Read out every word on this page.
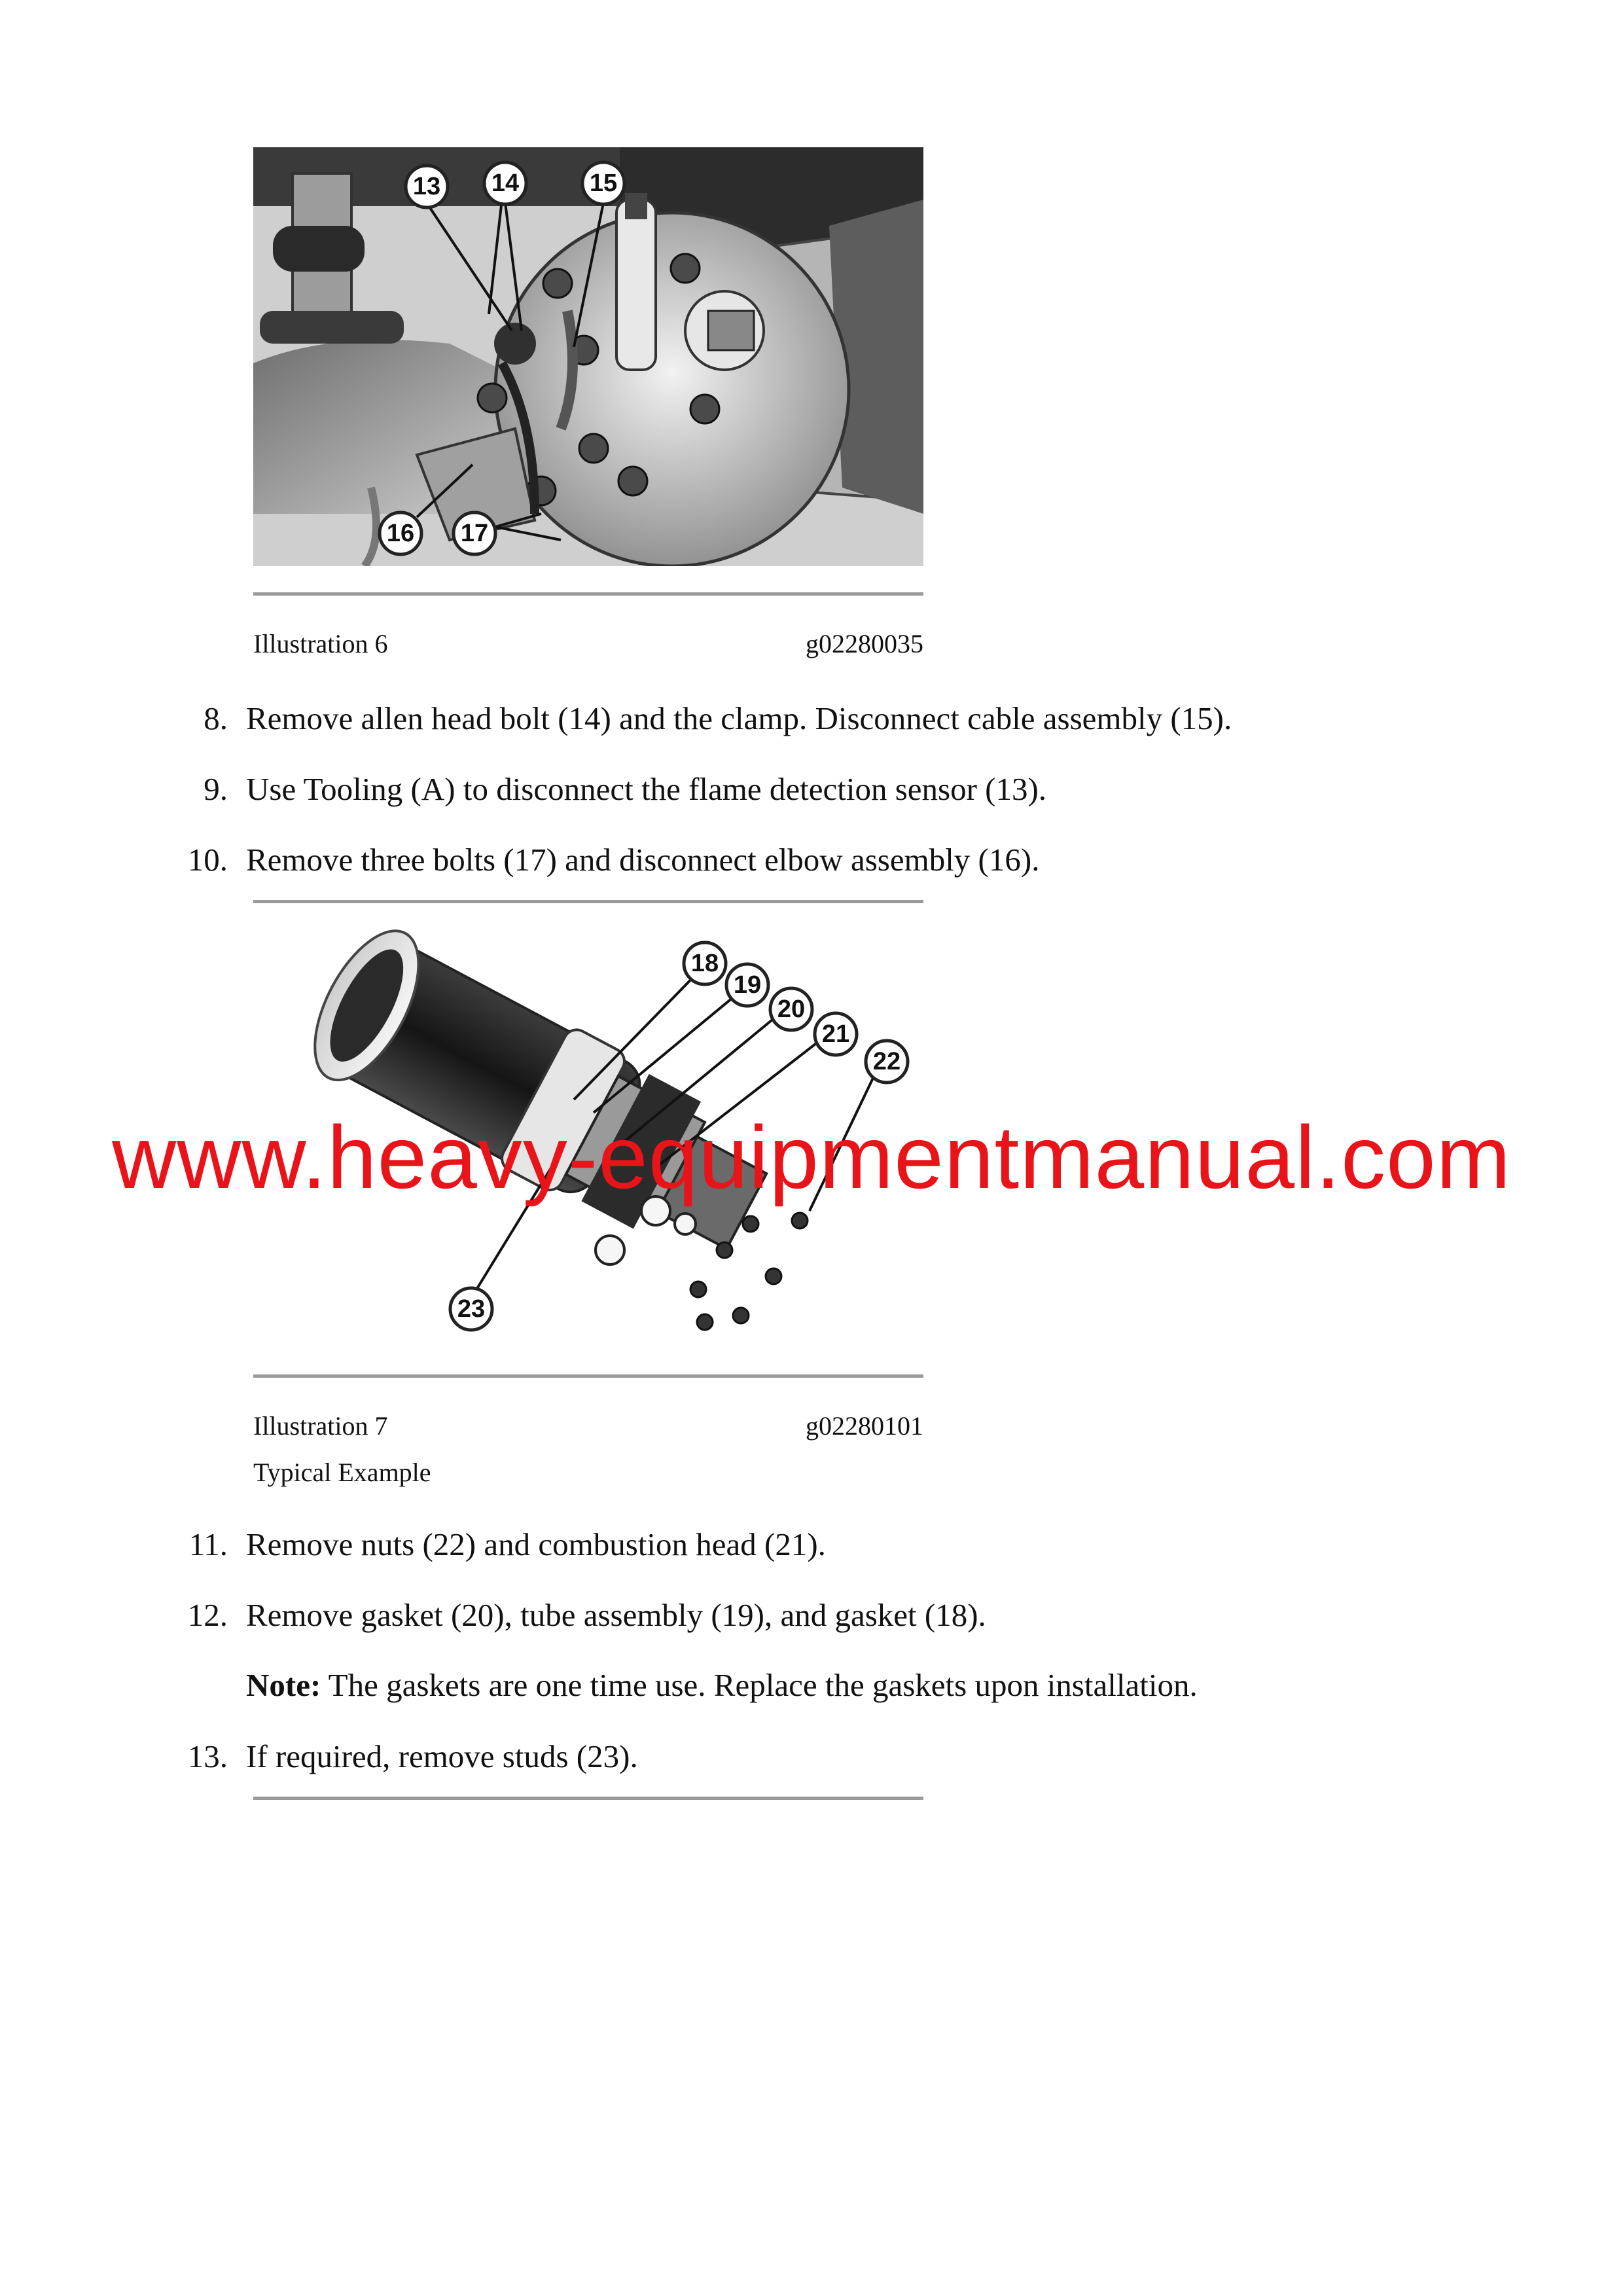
13 14	15
16 17
Illustration 6	g02280035
8. Remove allen head bolt (14) and the clamp. Disconnect cable assembly (15).
9. Use Tooling (A) to disconnect the flame detection sensor (13).
10. Remove three bolts (17) and disconnect elbow assembly (16).
18
19
20
21
22
23
Illustration 7	g02280101
Typical Example
11. Remove nuts (22) and combustion head (21).
12. Remove gasket (20), tube assembly (19), and gasket (18).
Note: The gaskets are one time use. Replace the gaskets upon installation.
13. If required, remove studs (23).
www.heavy-equipmentmanual.com
